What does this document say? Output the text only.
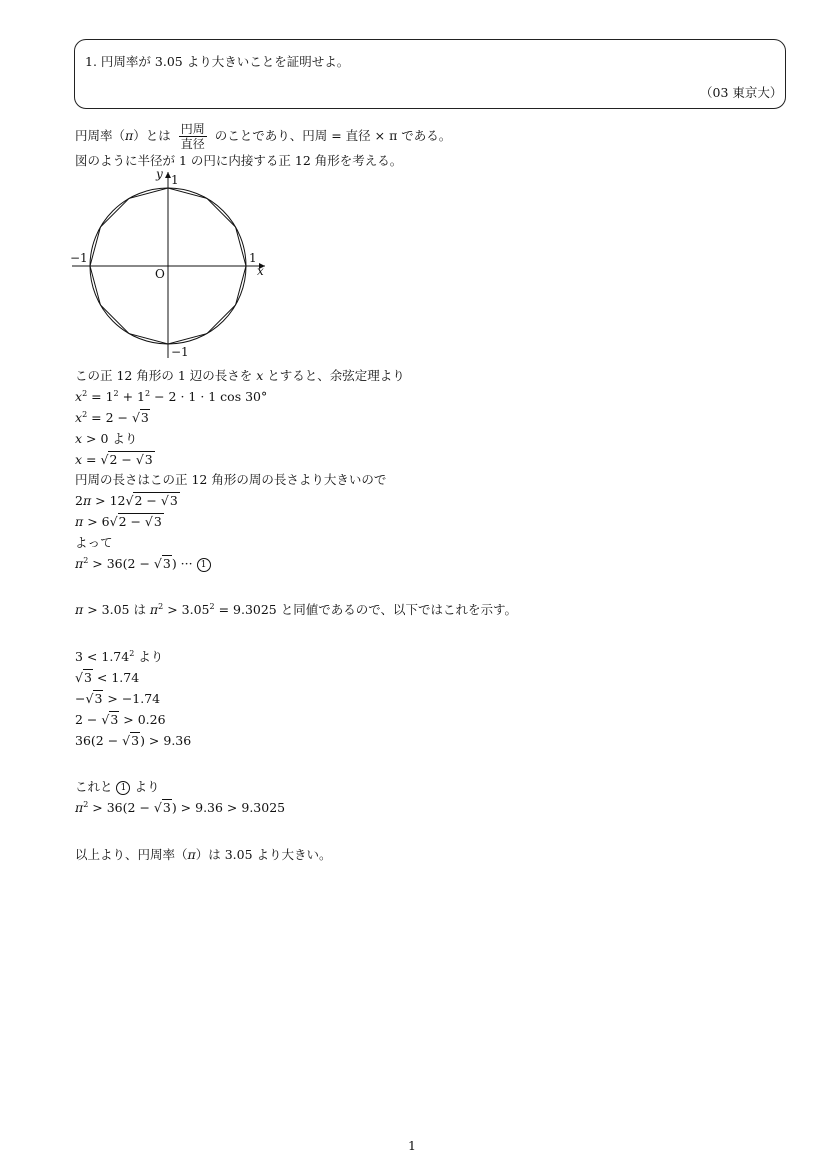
1. 円周率が 3.05 より大きいことを証明せよ。
（03 東京大）
円周率（π）とは $\frac{\text{円周}}{\text{直径}}$ のことであり、円周 = 直径 × π である。
図のように半径が 1 の円に内接する正 12 角形を考える。
x
y
O
1
−1
1
−1
この正 12 角形の 1 辺の長さを x とすると、余弦定理より
$x^2 = 1^2 + 1^2 - 2 \cdot 1 \cdot 1$ cos 30°
$x^2 = 2 - √3$
x > 0 より
x = √2 − √3
円周の長さはこの正 12 角形の周の長さより大きいので
2π > 12√2 − √3
π > 6√2 − √3
よって
$\pi^2 > 36(2 - √3)$ ··· 1
π > 3.05 は $\pi^2 > 3.05^2 = 9.3025$ と同値であるので、以下ではこれを示す。
$3 < 1.74^2$ より
√3 < 1.74
−√3 > −1.74
2 − √3 > 0.26
36(2 − √3) > 9.36
これと 1 より
$\pi^2 > 36(2 - √3) > 9.36 > 9.3025$
以上より、円周率（π）は 3.05 より大きい。
1
